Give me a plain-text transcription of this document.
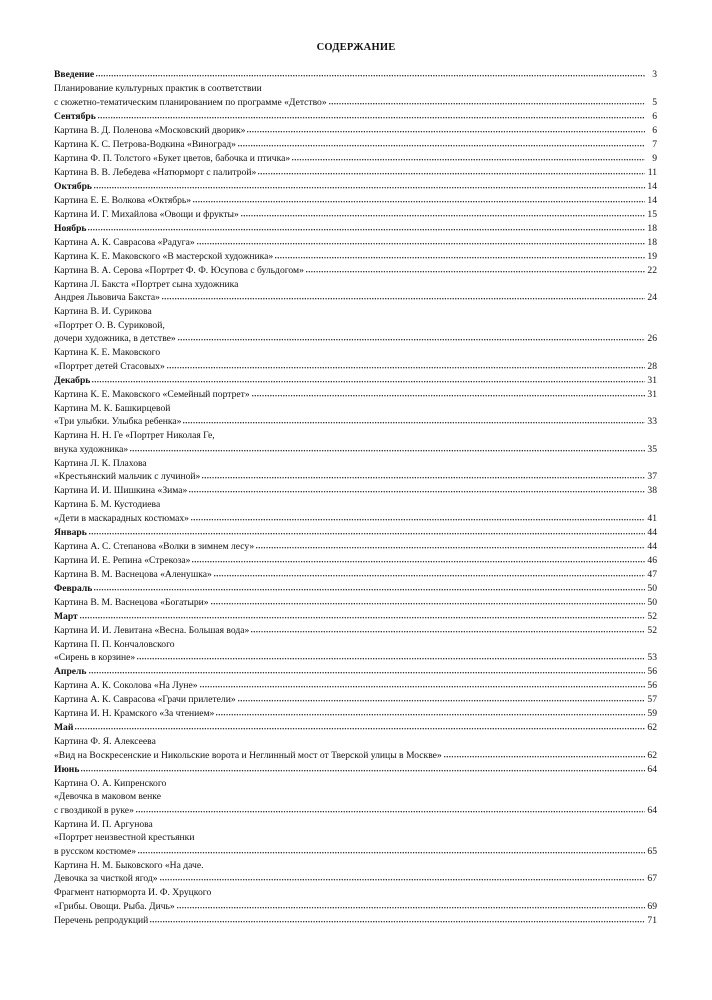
СОДЕРЖАНИЕ
Введение	3
Планирование культурных практик в соответствии
с сюжетно-тематическим планированием по программе «Детство»	5
Сентябрь	6
Картина В. Д. Поленова «Московский дворик»	6
Картина К. С. Петрова-Водкина «Виноград»	7
Картина Ф. П. Толстого «Букет цветов, бабочка и птичка»	9
Картина В. В. Лебедева «Натюрморт с палитрой»	11
Октябрь	14
Картина Е. Е. Волкова «Октябрь»	14
Картина И. Г. Михайлова «Овощи и фрукты»	15
Ноябрь	18
Картина А. К. Саврасова «Радуга»	18
Картина К. Е. Маковского «В мастерской художника»	19
Картина В. А. Серова «Портрет Ф. Ф. Юсупова с бульдогом»	22
Картина Л. Бакста «Портрет сына художника
Андрея Львовича Бакста»	24
Картина В. И. Сурикова
«Портрет О. В. Суриковой,
дочери художника, в детстве»	26
Картина К. Е. Маковского
«Портрет детей Стасовых»	28
Декабрь	31
Картина К. Е. Маковского «Семейный портрет»	31
Картина М. К. Башкирцевой
«Три улыбки. Улыбка ребенка»	33
Картина Н. Н. Ге «Портрет Николая Ге,
внука художника»	35
Картина Л. К. Плахова
«Крестьянский мальчик с лучиной»	37
Картина И. И. Шишкина «Зима»	38
Картина Б. М. Кустодиева
«Дети в маскарадных костюмах»	41
Январь	44
Картина А. С. Степанова «Волки в зимнем лесу»	44
Картина И. Е. Репина «Стрекоза»	46
Картина В. М. Васнецова «Аленушка»	47
Февраль	50
Картина В. М. Васнецова «Богатыри»	50
Март	52
Картина И. И. Левитана «Весна. Большая вода»	52
Картина П. П. Кончаловского
«Сирень в корзине»	53
Апрель	56
Картина А. К. Соколова «На Луне»	56
Картина А. К. Саврасова «Грачи прилетели»	57
Картина И. Н. Крамского «За чтением»	59
Май	62
Картина Ф. Я. Алексеева
«Вид на Воскресенские и Никольские ворота и Неглинный мост от Тверской улицы в Москве»	62
Июнь	64
Картина О. А. Кипренского
«Девочка в маковом венке
с гвоздикой в руке»	64
Картина И. П. Аргунова
«Портрет неизвестной крестьянки
в русском костюме»	65
Картина Н. М. Быковского «На даче.
Девочка за чисткой ягод»	67
Фрагмент натюрморта И. Ф. Хруцкого
«Грибы. Овощи. Рыба. Дичь»	69
Перечень репродукций	71
